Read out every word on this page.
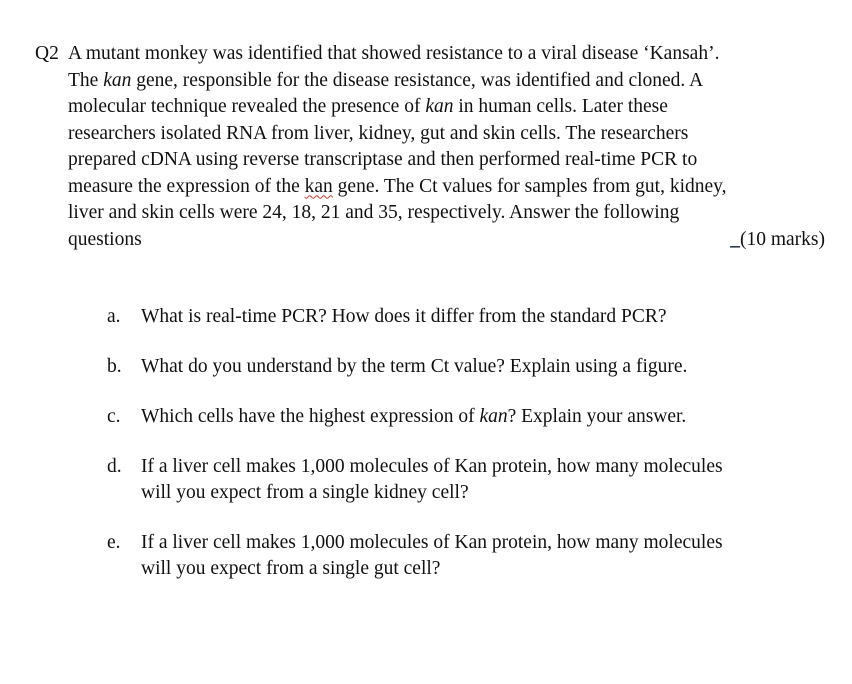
Q2 A mutant monkey was identified that showed resistance to a viral disease ‘Kansah’.
The kan gene, responsible for the disease resistance, was identified and cloned. A
molecular technique revealed the presence of kan in human cells. Later these
researchers isolated RNA from liver, kidney, gut and skin cells. The researchers
prepared cDNA using reverse transcriptase and then performed real-time PCR to
measure the expression of the kan gene. The Ct values for samples from gut, kidney,
liver and skin cells were 24, 18, 21 and 35, respectively. Answer the following
questions	_(10 marks)
a.	What is real-time PCR? How does it differ from the standard PCR?
b. What do you understand by the term Ct value? Explain using a figure.
c.	Which cells have the highest expression of kan? Explain your answer.
d. If a liver cell makes 1,000 molecules of Kan protein, how many molecules
will you expect from a single kidney cell?
e.	If a liver cell makes 1,000 molecules of Kan protein, how many molecules
will you expect from a single gut cell?
